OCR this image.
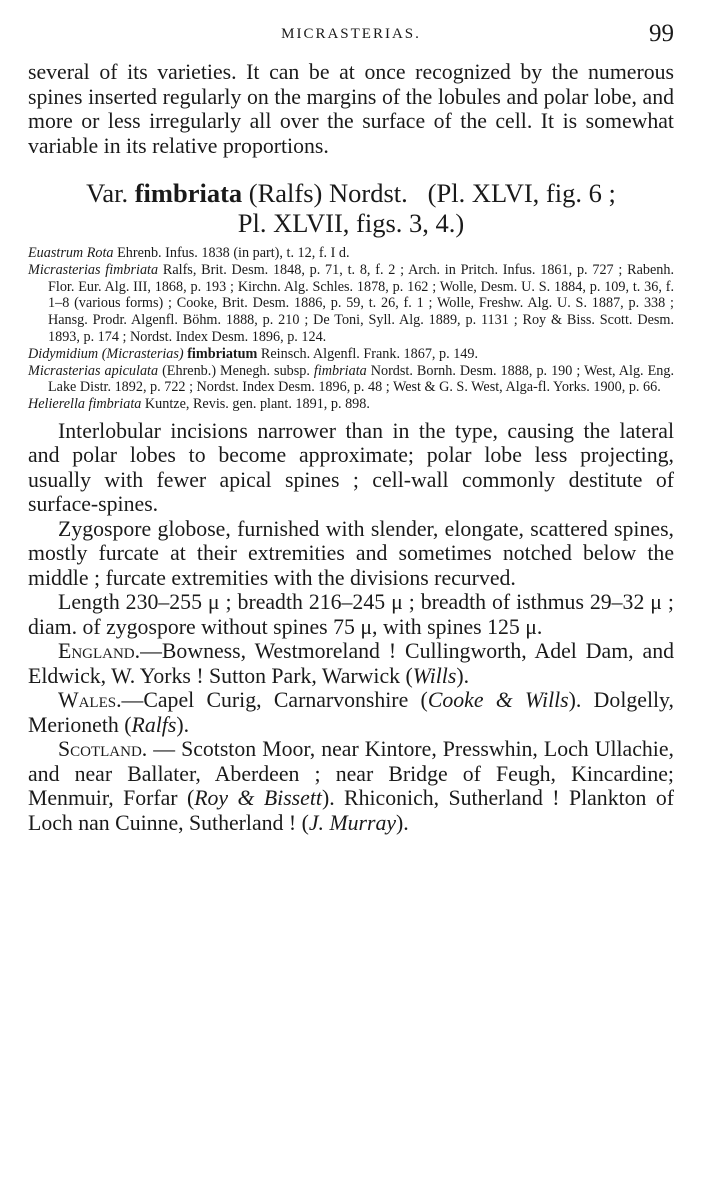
MICRASTERIAS.	99

several of its varieties. It can be at once recognized by the numerous spines inserted regularly on the margins of the lobules and polar lobe, and more or less irregularly all over the surface of the cell. It is somewhat variable in its relative proportions.

Var. fimbriata (Ralfs) Nordst. (Pl. XLVI, fig. 6 ;
Pl. XLVII, figs. 3, 4.)

Euastrum Rota Ehrenb. Infus. 1838 (in part), t. 12, f. I d.

Micrasterias fimbriata Ralfs, Brit. Desm. 1848, p. 71, t. 8, f. 2 ; Arch. in Pritch. Infus. 1861, p. 727 ; Rabenh. Flor. Eur. Alg. III, 1868, p. 193 ; Kirchn. Alg. Schles. 1878, p. 162 ; Wolle, Desm. U. S. 1884, p. 109, t. 36, f. 1–8 (various forms) ; Cooke, Brit. Desm. 1886, p. 59, t. 26, f. 1 ; Wolle, Freshw. Alg. U. S. 1887, p. 338 ; Hansg. Prodr. Algenfl. Böhm. 1888, p. 210 ; De Toni, Syll. Alg. 1889, p. 1131 ; Roy & Biss. Scott. Desm. 1893, p. 174 ; Nordst. Index Desm. 1896, p. 124.

Didymidium (Micrasterias) fimbriatum Reinsch. Algenfl. Frank. 1867, p. 149.

Micrasterias apiculata (Ehrenb.) Menegh. subsp. fimbriata Nordst. Bornh. Desm. 1888, p. 190 ; West, Alg. Eng. Lake Distr. 1892, p. 722 ; Nordst. Index Desm. 1896, p. 48 ; West & G. S. West, Alga-fl. Yorks. 1900, p. 66.

Helierella fimbriata Kuntze, Revis. gen. plant. 1891, p. 898.

Interlobular incisions narrower than in the type, causing the lateral and polar lobes to become approximate; polar lobe less projecting, usually with fewer apical spines ; cell-wall commonly destitute of surface-spines.

Zygospore globose, furnished with slender, elongate, scattered spines, mostly furcate at their extremities and sometimes notched below the middle ; furcate extremities with the divisions recurved.

Length 230–255 μ ; breadth 216–245 μ ; breadth of isthmus 29–32 μ ; diam. of zygospore without spines 75 μ, with spines 125 μ.

England.—Bowness, Westmoreland ! Cullingworth, Adel Dam, and Eldwick, W. Yorks ! Sutton Park, Warwick (Wills).

Wales.—Capel Curig, Carnarvonshire (Cooke & Wills). Dolgelly, Merioneth (Ralfs).

Scotland. — Scotston Moor, near Kintore, Presswhin, Loch Ullachie, and near Ballater, Aberdeen ; near Bridge of Feugh, Kincardine; Menmuir, Forfar (Roy & Bissett). Rhiconich, Sutherland ! Plankton of Loch nan Cuinne, Sutherland ! (J. Murray).
